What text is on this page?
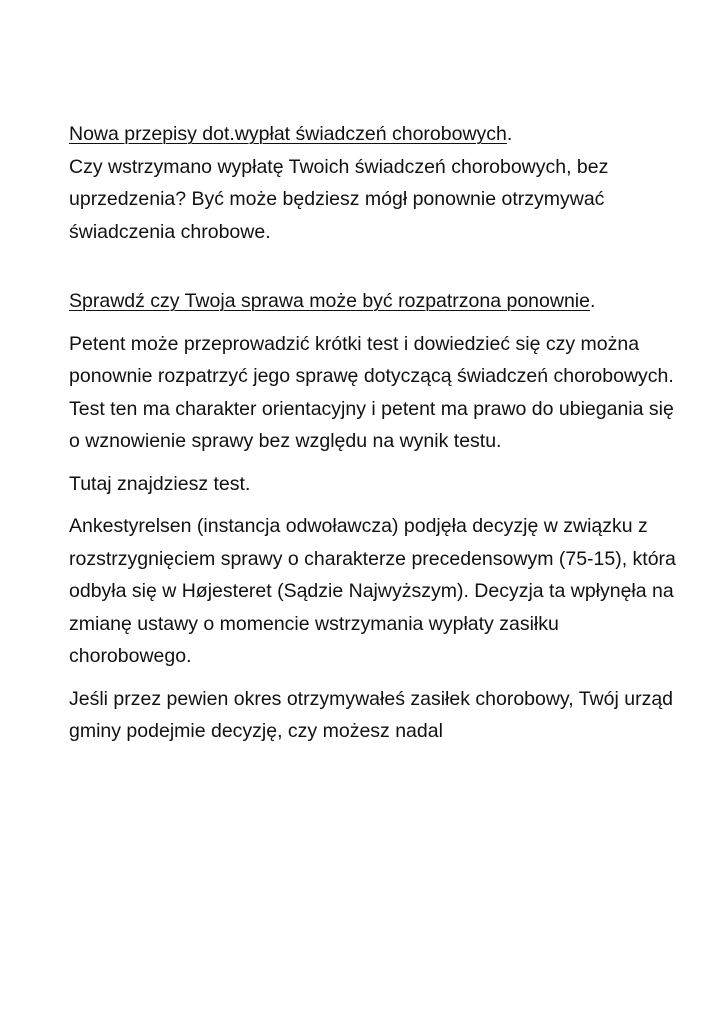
Nowa przepisy dot.wypłat świadczeń chorobowych.

Czy wstrzymano wypłatę Twoich świadczeń chorobowych, bez uprzedzenia? Być może będziesz mógł ponownie otrzymywać świadczenia chrobowe.

Sprawdź czy Twoja sprawa może być rozpatrzona ponownie.

Petent może przeprowadzić krótki test i dowiedzieć się czy można ponownie rozpatrzyć jego sprawę dotyczącą świadczeń chorobowych. Test ten ma charakter orientacyjny i petent ma prawo do ubiegania się o wznowienie sprawy bez względu na wynik testu.

Tutaj znajdziesz test.

Ankestyrelsen (instancja odwoławcza) podjęła decyzję w związku z rozstrzygnięciem sprawy o charakterze precedensowym (75-15), która odbyła się w Højesteret (Sądzie Najwyższym). Decyzja ta wpłynęła na zmianę ustawy o momencie wstrzymania wypłaty zasiłku chorobowego.

Jeśli przez pewien okres otrzymywałeś zasiłek chorobowy, Twój urząd gminy podejmie decyzję, czy możesz nadal
